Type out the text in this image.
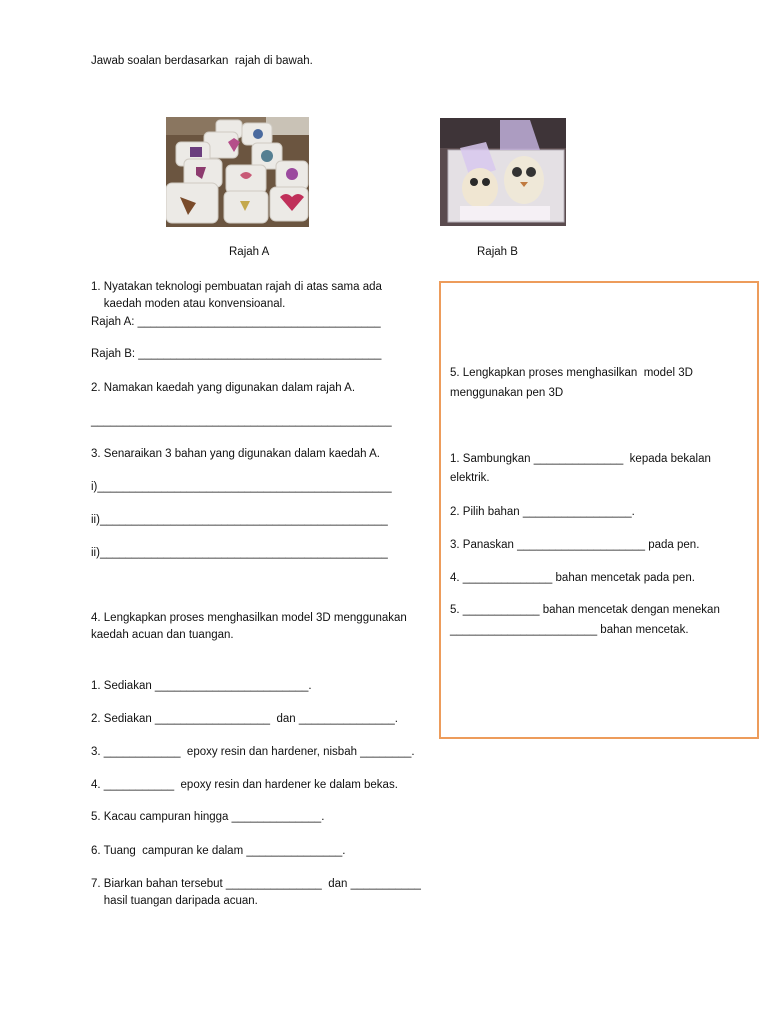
Jawab soalan berdasarkan  rajah di bawah.
Rajah A	Rajah B
1. Nyatakan teknologi pembuatan rajah di atas sama ada
kaedah moden atau konvensioanal.
Rajah A: ______________________________________
Rajah B: ______________________________________
2. Namakan kaedah yang digunakan dalam rajah A.
_______________________________________________
3. Senaraikan 3 bahan yang digunakan dalam kaedah A.
i)______________________________________________
ii)_____________________________________________
ii)_____________________________________________
4. Lengkapkan proses menghasilkan model 3D menggunakan
kaedah acuan dan tuangan.
1. Sediakan ________________________.
2. Sediakan __________________  dan _______________.
3. ____________  epoxy resin dan hardener, nisbah ________.
4. ___________  epoxy resin dan hardener ke dalam bekas.
5. Kacau campuran hingga ______________.
6. Tuang  campuran ke dalam _______________.
7. Biarkan bahan tersebut _______________  dan ___________
hasil tuangan daripada acuan.
5. Lengkapkan proses menghasilkan  model 3D
menggunakan pen 3D
1. Sambungkan ______________  kepada bekalan
elektrik.
2. Pilih bahan _________________.
3. Panaskan ____________________ pada pen.
4. ______________ bahan mencetak pada pen.
5. ____________ bahan mencetak dengan menekan
_______________________ bahan mencetak.
